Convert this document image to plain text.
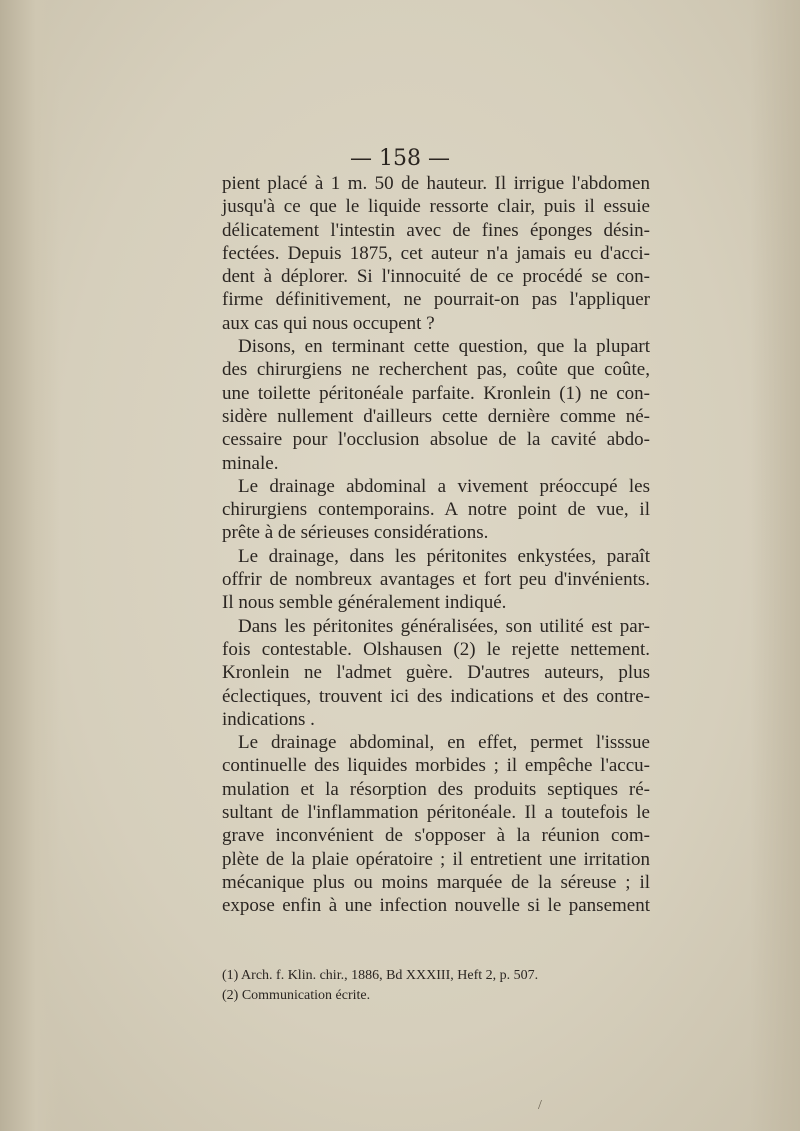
— 158 —
pient placé à 1 m. 50 de hauteur. Il irrigue l'abdomen
jusqu'à ce que le liquide ressorte clair, puis il essuie
délicatement l'intestin avec de fines éponges désin-
fectées. Depuis 1875, cet auteur n'a jamais eu d'acci-
dent à déplorer. Si l'innocuité de ce procédé se con-
firme définitivement, ne pourrait-on pas l'appliquer
aux cas qui nous occupent ?
Disons, en terminant cette question, que la plupart
des chirurgiens ne recherchent pas, coûte que coûte,
une toilette péritonéale parfaite. Kronlein (1) ne con-
sidère nullement d'ailleurs cette dernière comme né-
cessaire pour l'occlusion absolue de la cavité abdo-
minale.
Le drainage abdominal a vivement préoccupé les
chirurgiens contemporains. A notre point de vue, il
prête à de sérieuses considérations.
Le drainage, dans les péritonites enkystées, paraît
offrir de nombreux avantages et fort peu d'invénients.
Il nous semble généralement indiqué.
Dans les péritonites généralisées, son utilité est par-
fois contestable. Olshausen (2) le rejette nettement.
Kronlein ne l'admet guère. D'autres auteurs, plus
éclectiques, trouvent ici des indications et des contre-
indications .
Le drainage abdominal, en effet, permet l'isssue
continuelle des liquides morbides ; il empêche l'accu-
mulation et la résorption des produits septiques ré-
sultant de l'inflammation péritonéale. Il a toutefois le
grave inconvénient de s'opposer à la réunion com-
plète de la plaie opératoire ; il entretient une irritation
mécanique plus ou moins marquée de la séreuse ; il
expose enfin à une infection nouvelle si le pansement
(1) Arch. f. Klin. chir., 1886, Bd XXXIII, Heft 2, p. 507.
(2) Communication écrite.
/
